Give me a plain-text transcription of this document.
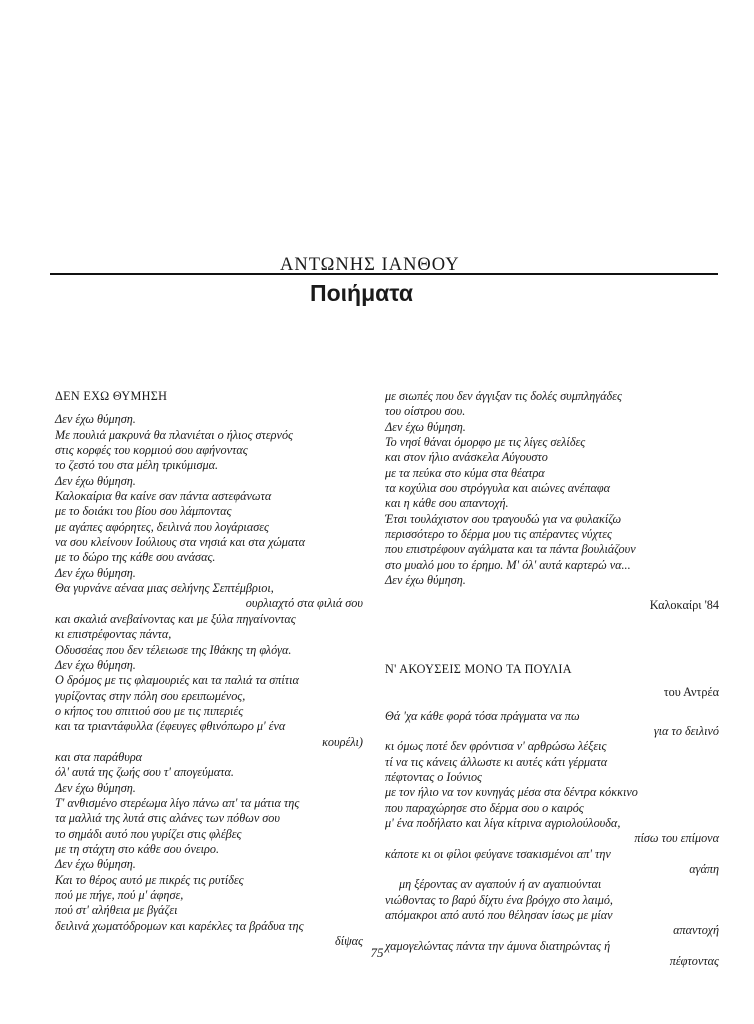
ΑΝΤΩΝΗΣ ΙΑΝΘΟΥ
Ποιήματα
ΔΕΝ ΕΧΩ ΘΥΜΗΣΗ
Δεν έχω θύμηση.
Με πουλιά μακρυνά θα πλανιέται ο ήλιος στερνός
στις κορφές του κορμιού σου αφήνοντας
το ζεστό του στα μέλη τρικύμισμα.
Δεν έχω θύμηση.
Καλοκαίρια θα καίνε σαν πάντα αστεφάνωτα
με το δοιάκι του βίου σου λάμποντας
με αγάπες αφόρητες, δειλινά που λογάριασες
να σου κλείνουν Ιούλιους στα νησιά και στα χώματα
με το δώρο της κάθε σου ανάσας.
Δεν έχω θύμηση.
Θα γυρνάνε αέναα μιας σελήνης Σεπτέμβριοι,
ουρλιαχτό στα φιλιά σου
και σκαλιά ανεβαίνοντας και με ξύλα πηγαίνοντας
κι επιστρέφοντας πάντα,
Οδυσσέας που δεν τέλειωσε της Ιθάκης τη φλόγα.
Δεν έχω θύμηση.
Ο δρόμος με τις φλαμουριές και τα παλιά τα σπίτια
γυρίζοντας στην πόλη σου ερειπωμένος,
ο κήπος του σπιτιού σου με τις πιπεριές
και τα τριαντάφυλλα (έφευγες φθινόπωρο μ' ένα
κουρέλι)
και στα παράθυρα
όλ' αυτά της ζωής σου τ' απογεύματα.
Δεν έχω θύμηση.
Τ' ανθισμένο στερέωμα λίγο πάνω απ' τα μάτια της
τα μαλλιά της λυτά στις αλάνες των πόθων σου
το σημάδι αυτό που γυρίζει στις φλέβες
με τη στάχτη στο κάθε σου όνειρο.
Δεν έχω θύμηση.
Και το θέρος αυτό με πικρές τις ρυτίδες
πού με πήγε, πού μ' άφησε,
πού στ' αλήθεια με βγάζει
δειλινά χωματόδρομων και καρέκλες τα βράδυα της
δίψας
με σιωπές που δεν άγγιξαν τις δολές συμπληγάδες
του οίστρου σου.
Δεν έχω θύμηση.
Το νησί θάναι όμορφο με τις λίγες σελίδες
και στον ήλιο ανάσκελα Αύγουστο
με τα πεύκα στο κύμα στα θέατρα
τα κοχύλια σου στρόγγυλα και αιώνες ανέπαφα
και η κάθε σου απαντοχή.
Έτσι τουλάχιστον σου τραγουδώ για να φυλακίζω
περισσότερο το δέρμα μου τις απέραντες νύχτες
που επιστρέφουν αγάλματα και τα πάντα βουλιάζουν
στο μυαλό μου το έρημο. Μ' όλ' αυτά καρτερώ να...
Δεν έχω θύμηση.
Καλοκαίρι '84
Ν' ΑΚΟΥΣΕΙΣ ΜΟΝΟ ΤΑ ΠΟΥΛΙΑ
του Αντρέα
Θά 'χα κάθε φορά τόσα πράγματα να πω
για το δειλινό
κι όμως ποτέ δεν φρόντισα ν' αρθρώσω λέξεις
τί να τις κάνεις άλλωστε κι αυτές κάτι γέρματα
πέφτοντας ο Ιούνιος
με τον ήλιο να τον κυνηγάς μέσα στα δέντρα κόκκινο
που παραχώρησε στο δέρμα σου ο καιρός
μ' ένα ποδήλατο και λίγα κίτρινα αγριολούλουδα,
πίσω του επίμονα
κάποτε κι οι φίλοι φεύγανε τσακισμένοι απ' την
αγάπη
μη ξέροντας αν αγαπούν ή αν αγαπιούνται
νιώθοντας το βαρύ δίχτυ ένα βρόγχο στο λαιμό,
απόμακροι από αυτό που θέλησαν ίσως με μίαν
απαντοχή
χαμογελώντας πάντα την άμυνα διατηρώντας ή
πέφτοντας
75
